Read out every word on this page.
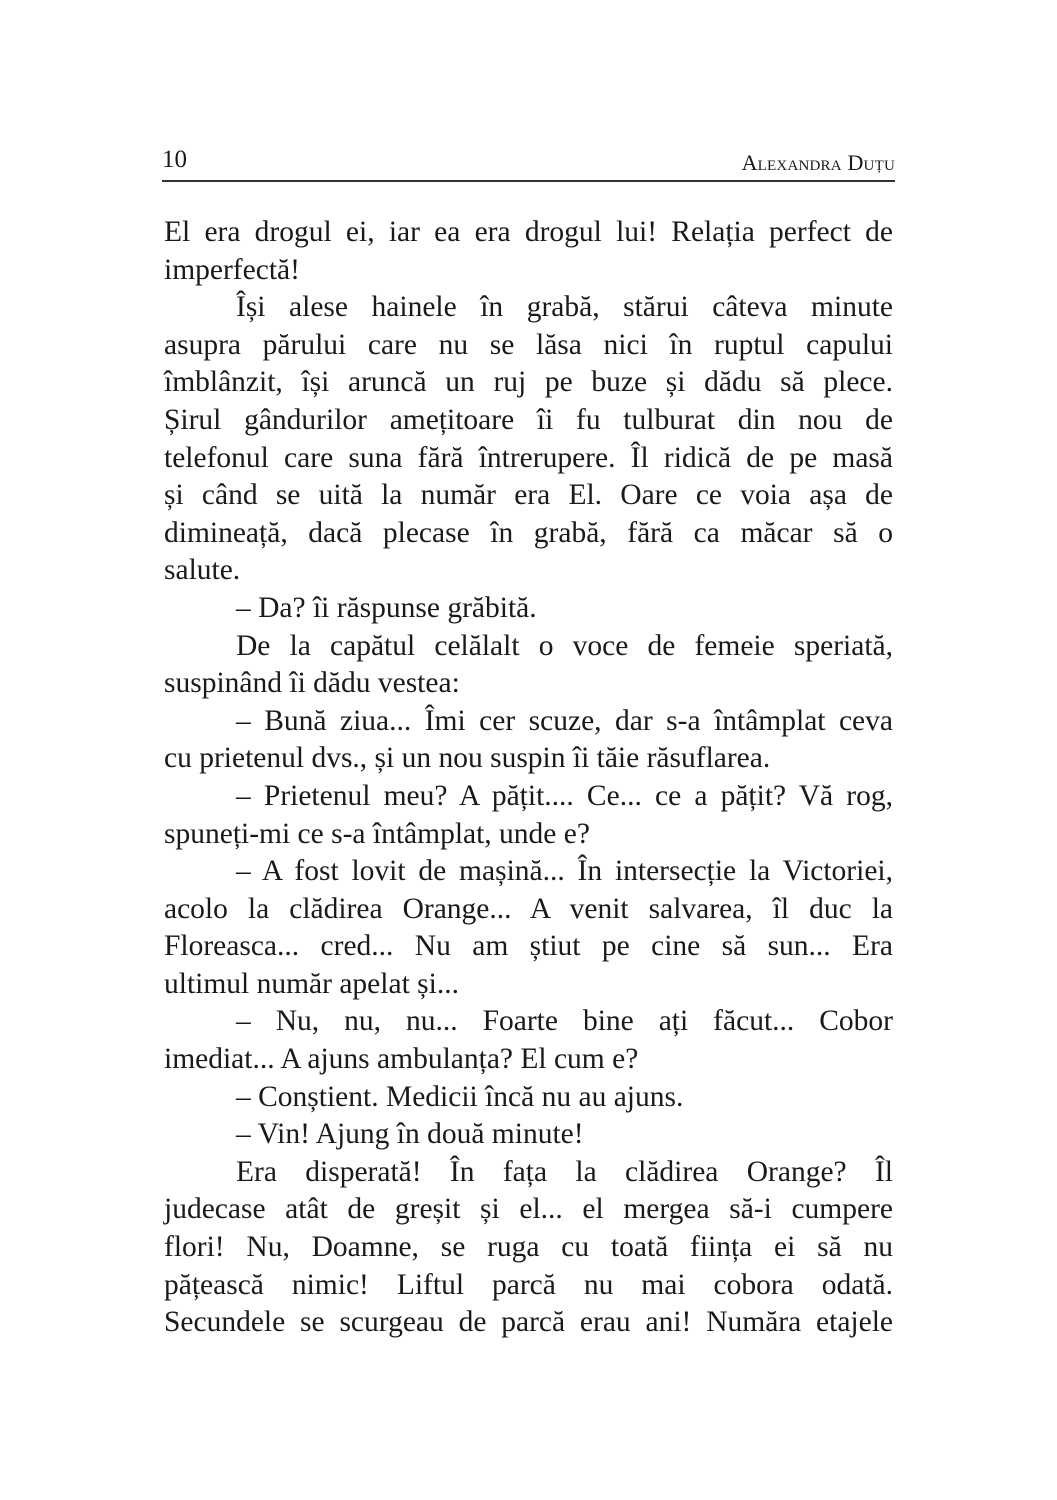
10	Alexandra Duțu
El era drogul ei, iar ea era drogul lui! Relația perfect de
imperfectă!
Își alese hainele în grabă, stărui câteva minute
asupra părului care nu se lăsa nici în ruptul capului
îmblânzit, își aruncă un ruj pe buze și dădu să plece.
Șirul gândurilor amețitoare îi fu tulburat din nou de
telefonul care suna fără întrerupere. Îl ridică de pe masă
și când se uită la număr era El. Oare ce voia așa de
dimineață, dacă plecase în grabă, fără ca măcar să o
salute.
– Da? îi răspunse grăbită.
De la capătul celălalt o voce de femeie speriată,
suspinând îi dădu vestea:
– Bună ziua... Îmi cer scuze, dar s-a întâmplat ceva
cu prietenul dvs., și un nou suspin îi tăie răsuflarea.
– Prietenul meu? A pățit.... Ce... ce a pățit? Vă rog,
spuneți-mi ce s-a întâmplat, unde e?
– A fost lovit de mașină... În intersecție la Victoriei,
acolo la clădirea Orange... A venit salvarea, îl duc la
Floreasca... cred... Nu am știut pe cine să sun... Era
ultimul număr apelat și...
– Nu, nu, nu... Foarte bine ați făcut... Cobor
imediat... A ajuns ambulanța? El cum e?
– Conștient. Medicii încă nu au ajuns.
– Vin! Ajung în două minute!
Era disperată! În fața la clădirea Orange? Îl
judecase atât de greșit și el... el mergea să-i cumpere
flori! Nu, Doamne, se ruga cu toată ființa ei să nu
pățească nimic! Liftul parcă nu mai cobora odată.
Secundele se scurgeau de parcă erau ani! Număra etajele
